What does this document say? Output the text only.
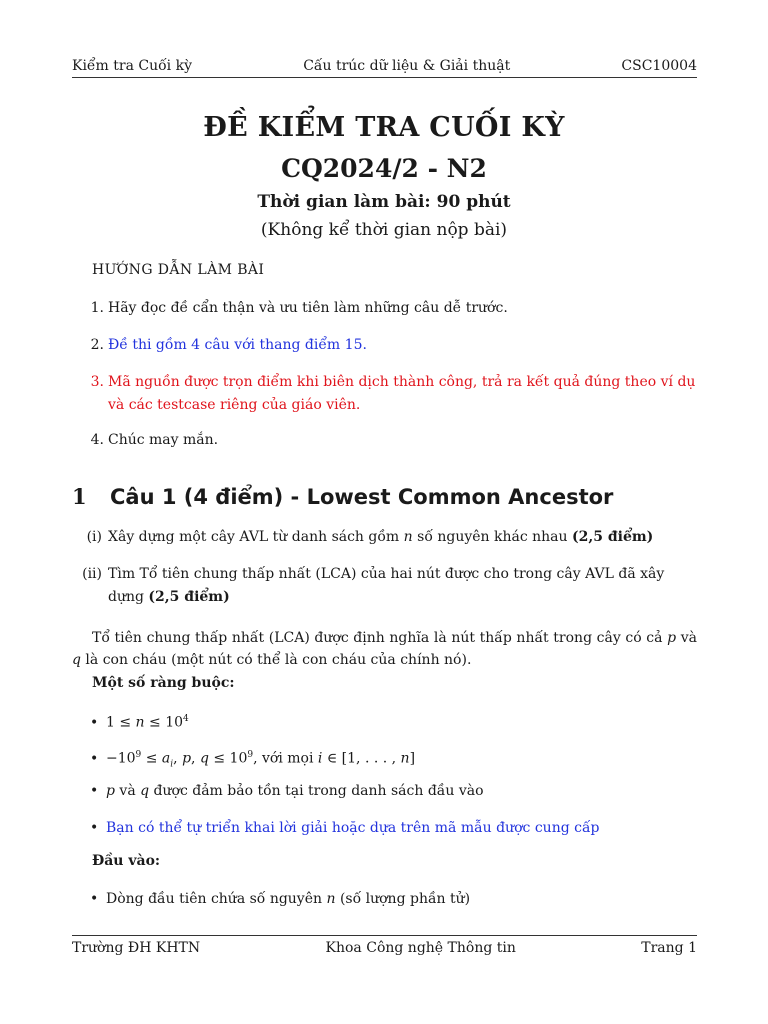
Kiểm tra Cuối kỳ	Cấu trúc dữ liệu & Giải thuật	CSC10004
ĐỀ KIỂM TRA CUỐI KỲ
CQ2024/2 - N2
Thời gian làm bài: 90 phút
(Không kể thời gian nộp bài)
HƯỚNG DẪN LÀM BÀI
1. Hãy đọc đề cẩn thận và ưu tiên làm những câu dễ trước.
2. Đề thi gồm 4 câu với thang điểm 15.
3. Mã nguồn được trọn điểm khi biên dịch thành công, trả ra kết quả đúng theo ví dụ và các testcase riêng của giáo viên.
4. Chúc may mắn.
1 Câu 1 (4 điểm) - Lowest Common Ancestor
(i) Xây dựng một cây AVL từ danh sách gồm n số nguyên khác nhau (2,5 điểm)
(ii) Tìm Tổ tiên chung thấp nhất (LCA) của hai nút được cho trong cây AVL đã xây dựng (2,5 điểm)
Tổ tiên chung thấp nhất (LCA) được định nghĩa là nút thấp nhất trong cây có cả p và q là con cháu (một nút có thể là con cháu của chính nó).
Một số ràng buộc:
• $1 \le n \le 10^4$
• $-10^9 \le a_i$, p, $q \le 10^9$, với mọi i ∈ [1, . . . , n]
• p và q được đảm bảo tồn tại trong danh sách đầu vào
• Bạn có thể tự triển khai lời giải hoặc dựa trên mã mẫu được cung cấp
Đầu vào:
• Dòng đầu tiên chứa số nguyên n (số lượng phần tử)
Trường ĐH KHTN	Khoa Công nghệ Thông tin	Trang 1
